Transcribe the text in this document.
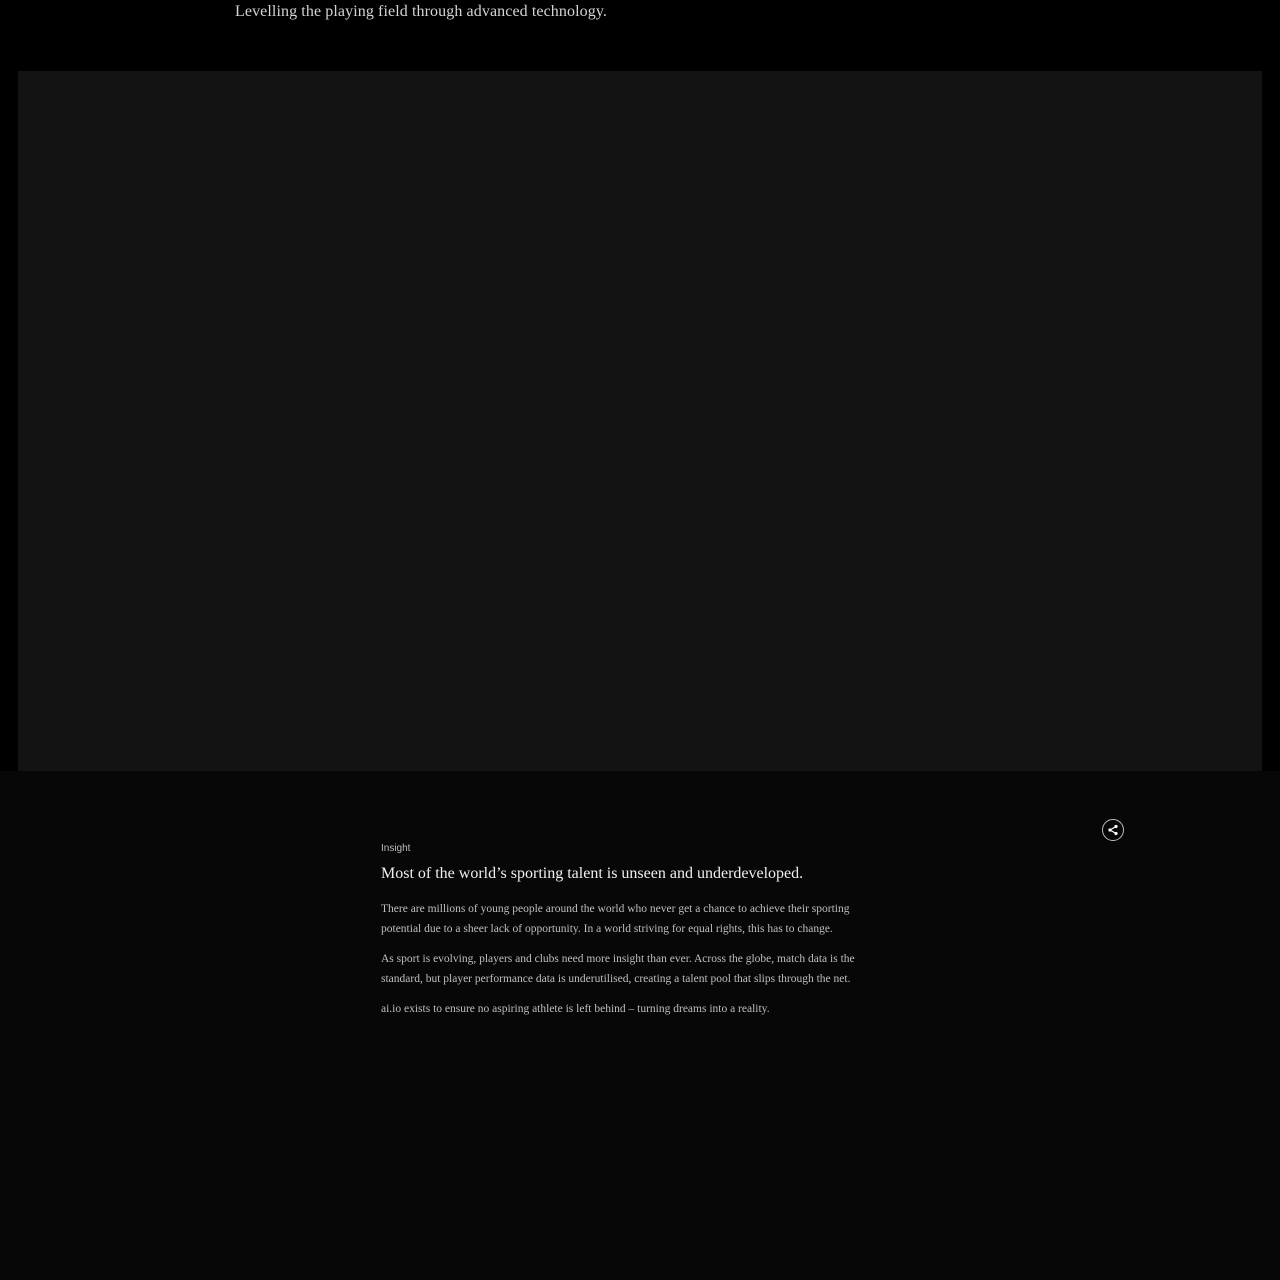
Levelling the playing field through advanced technology.

Insight

Most of the world’s sporting talent is unseen and underdeveloped.

There are millions of young people around the world who never get a chance to achieve their sporting potential due to a sheer lack of opportunity. In a world striving for equal rights, this has to change.

As sport is evolving, players and clubs need more insight than ever. Across the globe, match data is the standard, but player performance data is underutilised, creating a talent pool that slips through the net.

ai.io exists to ensure no aspiring athlete is left behind – turning dreams into a reality.
